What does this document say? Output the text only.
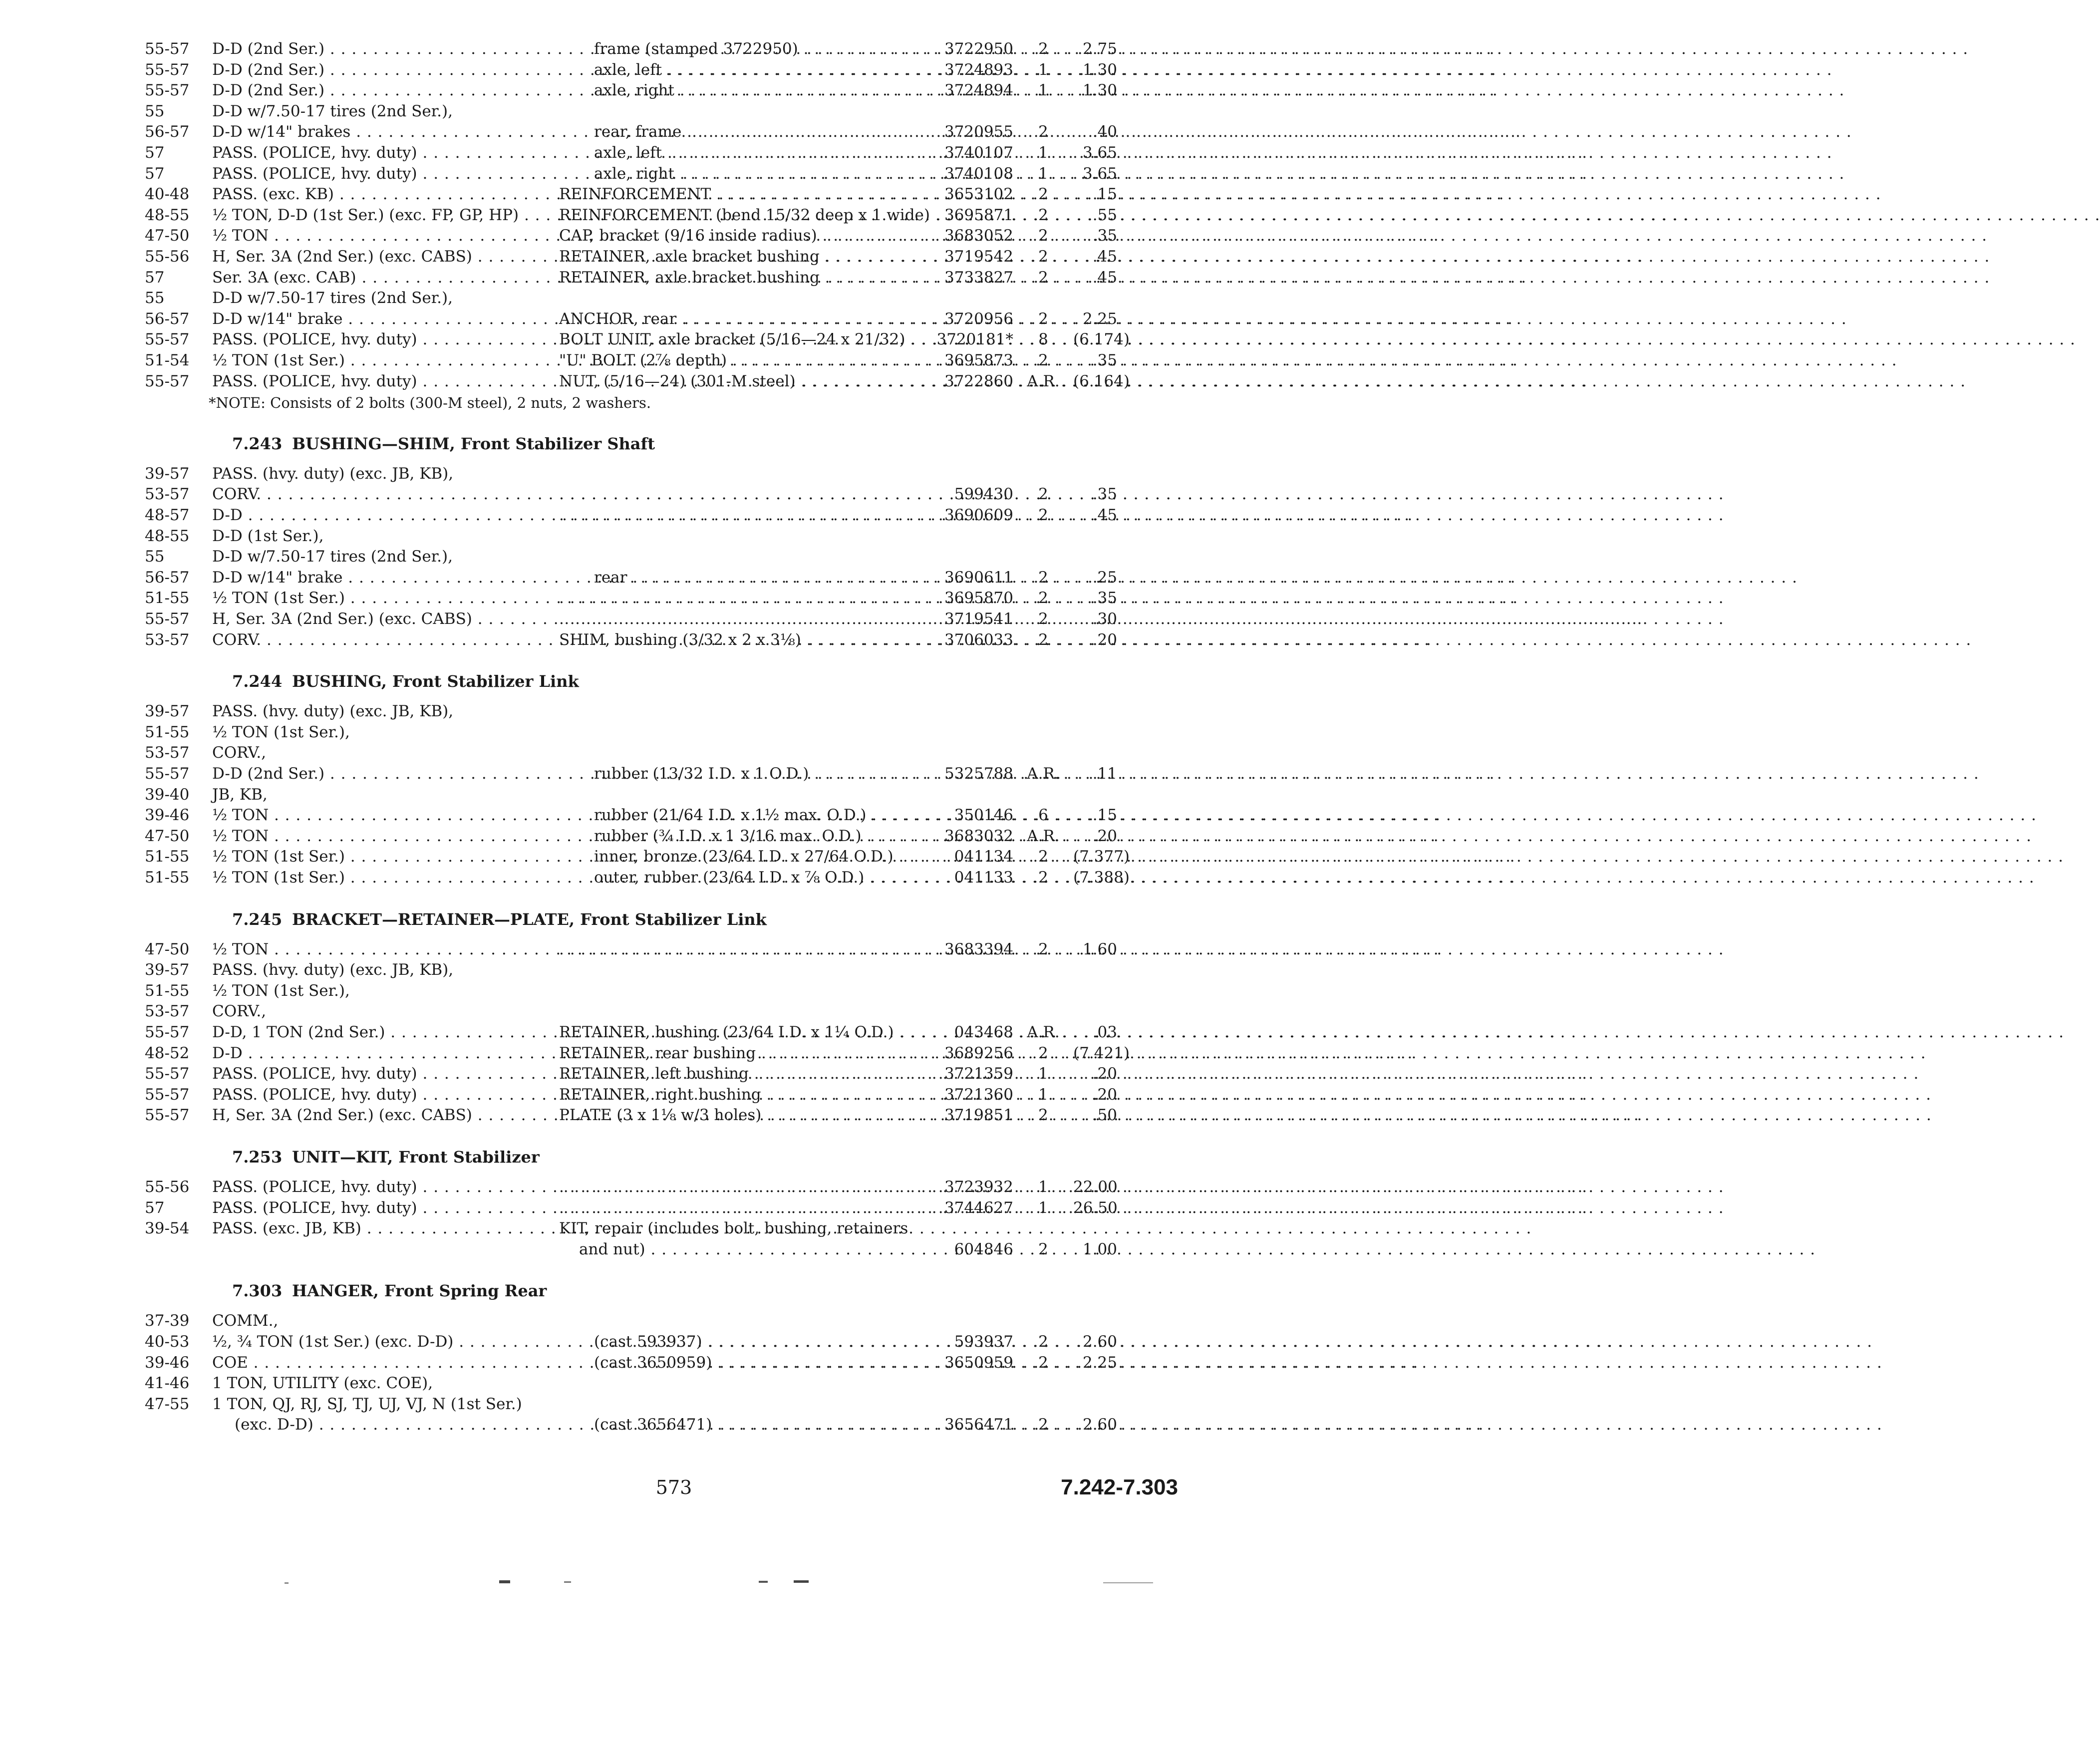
55-57	D-D (2nd Ser.) . . .	frame (stamped 3722950) . . .	3722950	2	2.75
55-57	D-D (2nd Ser.) . . .	axle, left . . .	3724893	1	1.30
55-57	D-D (2nd Ser.) . . .	axle, right . . .	3724894	1	1.30
55	D-D w/7.50-17 tires (2nd Ser.),
56-57	D-D w/14" brakes . . .	rear, frame . . .	3720955	2	.40
57	PASS. (POLICE, hvy. duty) . . .	axle, left . . .	3740107	1	3.65
57	PASS. (POLICE, hvy. duty) . . .	axle, right . . .	3740108	1	3.65
40-48	PASS. (exc. KB) . . .	REINFORCEMENT . . .	3653102	2	.15
48-55	½ TON, D-D (1st Ser.) (exc. FP, GP, HP) . . .	REINFORCEMENT (bend 15/32 deep x 1 wide) . . . 3695871	2	.55
47-50	½ TON . . .	CAP, bracket (9/16 inside radius) . . .	3683052	2	.35
55-56	H, Ser. 3A (2nd Ser.) (exc. CABS) . . .	RETAINER, axle bracket bushing . . .	3719542	2	.45
57	Ser. 3A (exc. CAB) . . .	RETAINER, axle bracket bushing . . .	3733827	2	.45
55	D-D w/7.50-17 tires (2nd Ser.),
56-57	D-D w/14" brake . . .	ANCHOR, rear . . .	3720956	2	2.25
55-57	PASS. (POLICE, hvy. duty) . . .	BOLT UNIT, axle bracket (5/16—24 x 21/32) . . .	3720181*	8	(6.174)
51-54	½ TON (1st Ser.) . . .	"U" BOLT (2⅞ depth) . . .	3695873	2	.35
55-57	PASS. (POLICE, hvy. duty) . . .	NUT, (5/16—24) (301-M steel) . . .	3722860 A.R. (6.164)
*NOTE: Consists of 2 bolts (300-M steel), 2 nuts, 2 washers.
7.243 BUSHING—SHIM, Front Stabilizer Shaft
39-57	PASS. (hvy. duty) (exc. JB, KB),
53-57	CORV. . . . . . .	599430	2	.35
48-57	D-D . . . . . .	3690609	2	.45
48-55	D-D (1st Ser.),
55	D-D w/7.50-17 tires (2nd Ser.),
56-57	D-D w/14" brake . . .	rear . . .	3690611	2	.25
51-55	½ TON (1st Ser.) . . . . . .	3695870	2	.35
55-57	H, Ser. 3A (2nd Ser.) (exc. CABS) . . . . . .	3719541	2	.30
53-57	CORV. . . .	SHIM, bushing (3/32 x 2 x 3⅛) . . .	3706033	2	.20
7.244 BUSHING, Front Stabilizer Link
39-57	PASS. (hvy. duty) (exc. JB, KB),
51-55	½ TON (1st Ser.),
53-57	CORV.,
55-57	D-D (2nd Ser.) . . .	rubber (13/32 I.D. x 1 O.D.) . . .	5325788 A.R.	.11
39-40	JB, KB,
39-46	½ TON . . .	rubber (21/64 I.D. x 1½ max. O.D.) . . .	350146	6	.15
47-50	½ TON . . .	rubber (¾ I.D. x 1 3/16 max. O.D.) . . .	3683032 A.R.	.20
51-55	½ TON (1st Ser.) . . .	inner, bronze (23/64 I.D. x 27/64 O.D.) . . .	041134	2	(7.377)
51-55	½ TON (1st Ser.) . . .	outer, rubber (23/64 I.D. x ⅞ O.D.) . . .	041133	2	(7.388)
7.245 BRACKET—RETAINER—PLATE, Front Stabilizer Link
47-50	½ TON . . . . . .	3683394	2	1.60
39-57	PASS. (hvy. duty) (exc. JB, KB),
51-55	½ TON (1st Ser.),
53-57	CORV.,
55-57	D-D, 1 TON (2nd Ser.) . . .	RETAINER, bushing (23/64 I.D. x 1¼ O.D.) . . .	043468 A.R.	.03
48-52	D-D . . .	RETAINER, rear bushing . . .	3689256	2	(7.421)
55-57	PASS. (POLICE, hvy. duty) . . .	RETAINER, left bushing . . .	3721359	1	.20
55-57	PASS. (POLICE, hvy. duty) . . .	RETAINER, right bushing . . .	3721360	1	.20
55-57	H, Ser. 3A (2nd Ser.) (exc. CABS) . . .	PLATE (3 x 1⅛ w/3 holes) . . .	3719851	2	.50
7.253 UNIT—KIT, Front Stabilizer
55-56	PASS. (POLICE, hvy. duty) . . . . . .	3723932	1	22.00
57	PASS. (POLICE, hvy. duty) . . . . . .	3744627	1	26.50
39-54	PASS. (exc. JB, KB) . . .	KIT, repair (includes bolt, bushing, retainers
and nut) . . .	604846	2	1.00
7.303 HANGER, Front Spring Rear
37-39	COMM.,
40-53	½, ¾ TON (1st Ser.) (exc. D-D) . . .	(cast 593937) . . .	593937	2	2.60
39-46	COE . . .	(cast 3650959) . . .	3650959	2	2.25
41-46	1 TON, UTILITY (exc. COE),
47-55	1 TON, QJ, RJ, SJ, TJ, UJ, VJ, N (1st Ser.)
(exc. D-D) . . .	(cast 3656471) . . .	3656471	2	2.60
573	7.242-7.303
